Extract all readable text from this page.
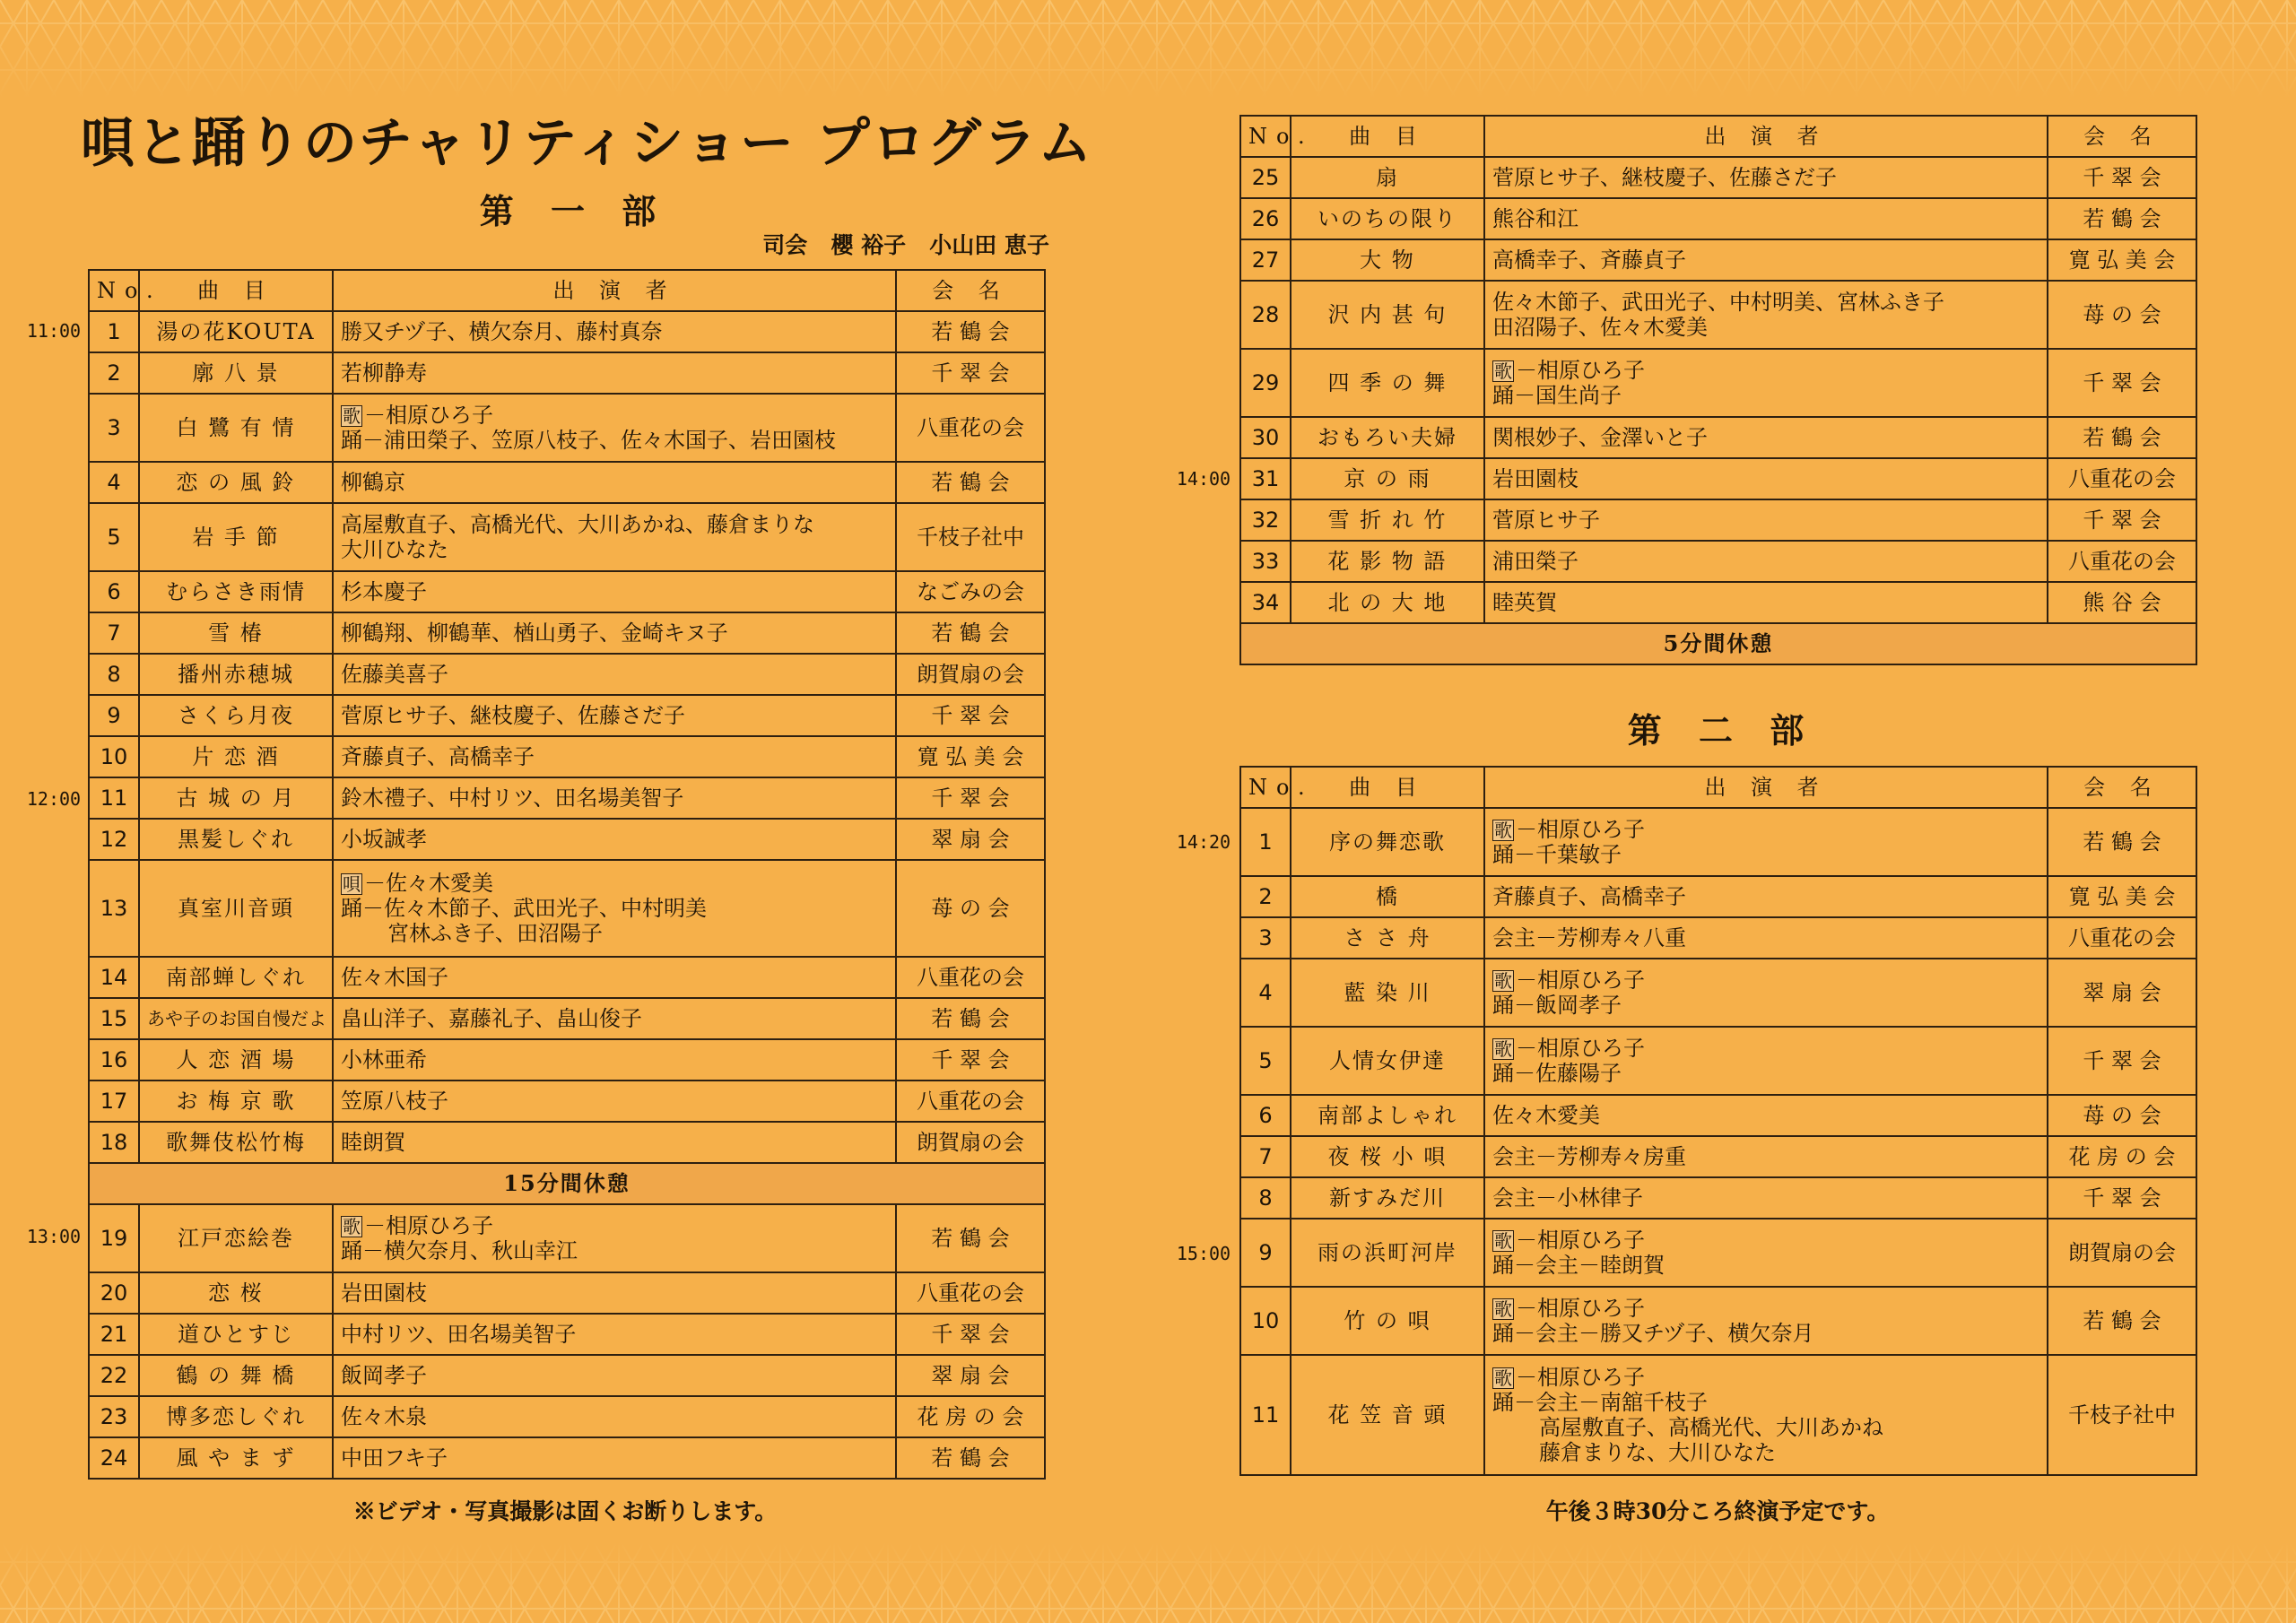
唄と踊りのチャリティショー プログラム
第 一 部
司会 櫻 裕子 小山田 恵子
No.	曲 目	出 演 者	会 名
1	湯の花KOUTA	勝又チヅ子、横欠奈月、藤村真奈	若 鶴 会
2	廓 八 景	若柳静寿	千 翠 会
3	白 鷺 有 情	歌 －相原ひろ子
踊－浦田榮子、笠原八枝子、佐々木国子、岩田園枝	八重花の会
4	恋 の 風 鈴	柳鶴京	若 鶴 会
5	岩 手 節	高屋敷直子、高橋光代、大川あかね、藤倉まりな
大川ひなた	千枝子社中
6	むらさき雨情	杉本慶子	なごみの会
7	雪 椿	柳鶴翔、柳鶴華、楢山勇子、金崎キヌ子	若 鶴 会
8	播州赤穂城	佐藤美喜子	朗賀扇の会
9	さくら月夜	菅原ヒサ子、継枝慶子、佐藤さだ子	千 翠 会
10	片 恋 酒	斉藤貞子、高橋幸子	寛 弘 美 会
11	古 城 の 月	鈴木禮子、中村リツ、田名場美智子	千 翠 会
12	黒髪しぐれ	小坂誠孝	翠 扇 会
13	真室川音頭	唄 －佐々木愛美
踊－佐々木節子、武田光子、中村明美
宮林ふき子、田沼陽子	苺 の 会
14	南部蝉しぐれ	佐々木国子	八重花の会
15	あや子のお国自慢だよ	畠山洋子、嘉藤礼子、畠山俊子	若 鶴 会
16	人 恋 酒 場	小林亜希	千 翠 会
17	お 梅 京 歌	笠原八枝子	八重花の会
18	歌舞伎松竹梅	睦朗賀	朗賀扇の会
15分間休憩			
19	江戸恋絵巻	歌 －相原ひろ子
踊－横欠奈月、秋山幸江	若 鶴 会
20	恋 桜	岩田園枝	八重花の会
21	道ひとすじ	中村リツ、田名場美智子	千 翠 会
22	鶴 の 舞 橋	飯岡孝子	翠 扇 会
23	博多恋しぐれ	佐々木泉	花 房 の 会
24	風 や ま ず	中田フキ子	若 鶴 会
No.	曲 目	出 演 者	会 名
25	扇	菅原ヒサ子、継枝慶子、佐藤さだ子	千 翠 会
26	いのちの限り	熊谷和江	若 鶴 会
27	大 物	高橋幸子、斉藤貞子	寛 弘 美 会
28	沢 内 甚 句	佐々木節子、武田光子、中村明美、宮林ふき子
田沼陽子、佐々木愛美	苺 の 会
29	四 季 の 舞	歌 －相原ひろ子
踊－国生尚子	千 翠 会
30	おもろい夫婦	関根妙子、金澤いと子	若 鶴 会
31	京 の 雨	岩田園枝	八重花の会
32	雪 折 れ 竹	菅原ヒサ子	千 翠 会
33	花 影 物 語	浦田榮子	八重花の会
34	北 の 大 地	睦英賀	熊 谷 会
5分間休憩			
第 二 部
No.	曲 目	出 演 者	会 名
1	序の舞恋歌	歌 －相原ひろ子
踊－千葉敏子	若 鶴 会
2	橋	斉藤貞子、高橋幸子	寛 弘 美 会
3	さ さ 舟	会主－芳柳寿々八重	八重花の会
4	藍 染 川	歌 －相原ひろ子
踊－飯岡孝子	翠 扇 会
5	人情女伊達	歌 －相原ひろ子
踊－佐藤陽子	千 翠 会
6	南部よしゃれ	佐々木愛美	苺 の 会
7	夜 桜 小 唄	会主－芳柳寿々房重	花 房 の 会
8	新すみだ川	会主－小林律子	千 翠 会
9	雨の浜町河岸	歌 －相原ひろ子
踊－会主－睦朗賀	朗賀扇の会
10	竹 の 唄	歌 －相原ひろ子
踊－会主－勝又チヅ子、横欠奈月	若 鶴 会
11	花 笠 音 頭	歌 －相原ひろ子
踊－会主－南舘千枝子
高屋敷直子、高橋光代、大川あかね
藤倉まりな、大川ひなた	千枝子社中
11:00
12:00
13:00
14:00
14:20
15:00
※ビデオ・写真撮影は固くお断りします。	午後３時30分ころ終演予定です。
